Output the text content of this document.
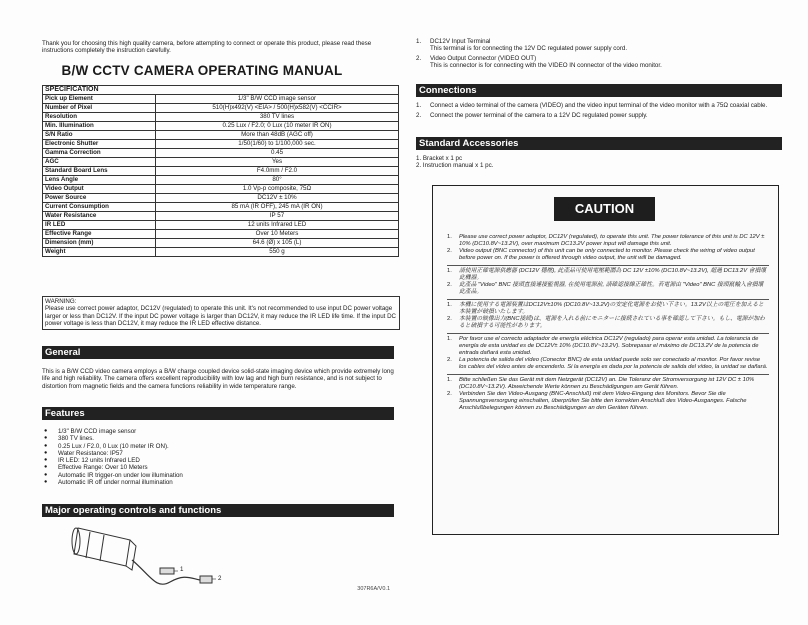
Thank you for choosing this high quality camera, before attempting to connect or operate this product, please read these instructions completely the instruction carefully.
B/W CCTV CAMERA OPERATING MANUAL
SPECIFICATION	
Pick up Element	1/3" B/W CCD image sensor
Number of Pixel	510(H)x492(V) <EIA> / 500(H)x582(V) <CCIR>
Resolution	380 TV lines
Min. Illumination	0.25 Lux / F2.0; 0 Lux (10 meter IR ON)
S/N Ratio	More than 48dB (AGC off)
Electronic Shutter	1/50(1/60) to 1/100,000 sec.
Gamma Correction	0.45
AGC	Yes
Standard Board Lens	F4.0mm / F2.0
Lens Angle	80°
Video Output	1.0 Vp-p composite, 75Ω
Power Source	DC12V ± 10%
Current Consumption	85 mA (IR OFF), 245 mA (IR ON)
Water Resistance	IP 57
IR LED	12 units Infrared LED
Effective Range	Over 10 Meters
Dimension (mm)	64.6 (Ø) x 105 (L)
Weight	550 g
WARNING:
Please use correct power adaptor, DC12V (regulated) to operate this unit. It's not recommended to use input DC power voltage larger or less than DC12V. If the input DC power voltage is larger than DC12V, it may reduce the IR LED life time. If the input DC power voltage is less than DC12V, it may reduce the IR LED effective distance.
General
This is a B/W CCD video camera employs a B/W charge coupled device solid-state imaging device which provide extremely long life and high reliability. The camera offers excellent reproducibility with low lag and high burn resistance, and is not subject to distortion from magnetic fields and the camera functions reliability in wide temperature range.
Features
● 1/3" B/W CCD image sensor
● 380 TV lines.
● 0.25 Lux / F2.0, 0 Lux (10 meter IR ON).
● Water Resistance: IP57
● IR LED: 12 units Infrared LED
● Effective Range: Over 10 Meters
● Automatic IR trigger-on under low illumination
● Automatic IR off under normal illumination
Major operating controls and functions
1
2
307R6A/V0.1
1. DC12V Input Terminal
This terminal is for connecting the 12V DC regulated power supply cord.
2. Video Output Connector (VIDEO OUT)
This is connector is for connecting with the VIDEO IN connector of the video monitor.
Connections
1.	Connect a video terminal of the camera (VIDEO) and the video input terminal of the video monitor with a 75Ω coaxial cable.
2.	Connect the power terminal of the camera to a 12V DC regulated power supply.
Standard Accessories
1. Bracket x 1 pc
2. Instruction manual x 1 pc.
CAUTION
1. Please use correct power adaptor, DC12V (regulated), to operate this unit. The power tolerance of this unit is DC 12V ± 10% (DC10.8V~13.2V), over maximum DC13.2V power input will damage this unit.
2. Video output (BNC connector) of this unit can be only connected to monitor. Please check the wiring of video output before power on. If the power is offered through video output, the unit will be damaged.
1. 請使用正確電源供應器 (DC12V 穩壓), 此產品可使用電壓範圍為 DC 12V ±10% (DC10.8V~13.2V), 超過 DC13.2V 會損壞此機器。
2. 此產品 "Video" BNC 接頭直接連接監視器, 在使用電源前, 請確認接線正確性。若電源由 "Video" BNC 接頭竄輸入會損壞此產品。
1. 本機に使用する電源装置はDC12V±10% (DC10.8V~13.2V)の安定化電源をお使い下さい。13.2V以上の電圧を加えると本装置が破損いたします。
2. 本装置の映像出力(BNC接続)は、電源を入れる前にモニターに接続されている事を確認して下さい。もし、電源が加わると破損する可能性があります。
1. Por favor use el correcto adaptador de energía eléctrica DC12V (regulado) para operar esta unidad. La tolerancia de energía de esta unidad es de DC12V± 10% (DC10.8V~13.2V). Sobrepasar el máximo de DC13.2V de la potencia de entrada dañará esta unidad.
2. La potencia de salida del vídeo (Conector BNC) de esta unidad puede solo ser conectado al monitor. Por favor revise los cables del vídeo antes de encenderlo. Si la energía es dada por la potencia de salida del vídeo, la unidad se dañará.
1. Bitte schließen Sie das Gerät mit dem Netzgerät (DC12V) an. Die Toleranz der Stromversorgung ist 12V DC ± 10% (DC10.8V~13.2V). Abweichende Werte können zu Beschädigungen am Gerät führen.
2. Verbinden Sie den Video-Ausgang (BNC-Anschluß) mit dem Video-Eingang des Monitors. Bevor Sie die Spannungsversorgung einschalten, überprüfen Sie bitte den korrekten Anschluß des Video-Ausganges. Falsche Anschlußbelegungen können zu Beschädigungen an den Geräten führen.
